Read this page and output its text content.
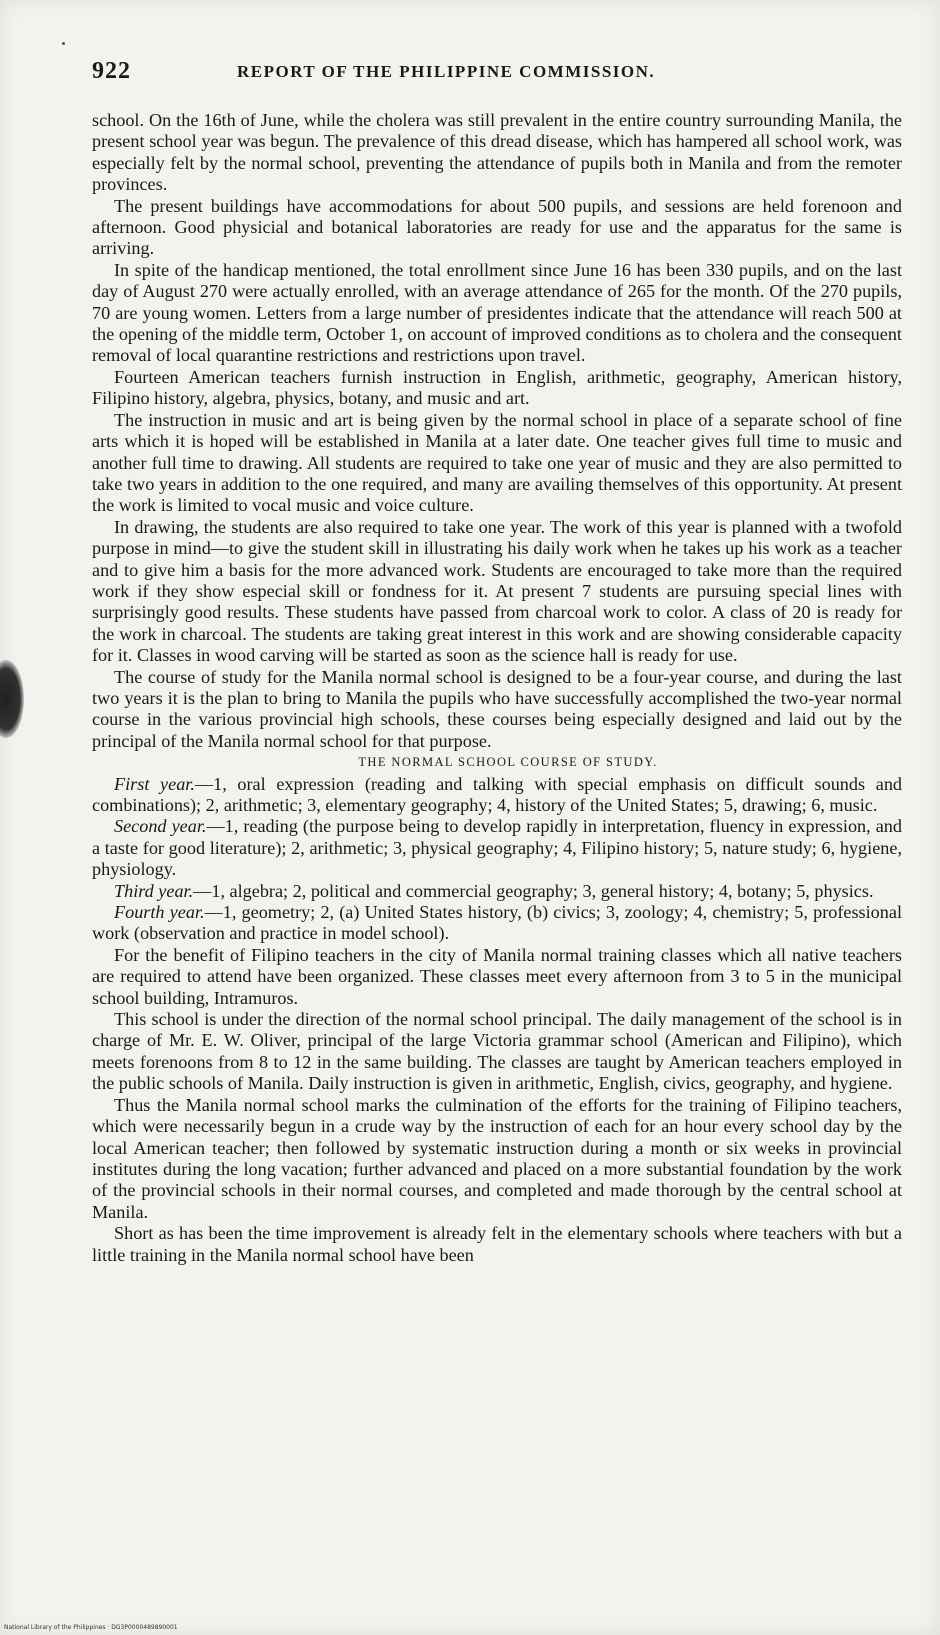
922	REPORT OF THE PHILIPPINE COMMISSION.

school. On the 16th of June, while the cholera was still prevalent in the entire country surrounding Manila, the present school year was begun. The prevalence of this dread disease, which has hampered all school work, was especially felt by the normal school, preventing the attendance of pupils both in Manila and from the remoter provinces.

The present buildings have accommodations for about 500 pupils, and sessions are held forenoon and afternoon. Good physicial and botanical laboratories are ready for use and the apparatus for the same is arriving.

In spite of the handicap mentioned, the total enrollment since June 16 has been 330 pupils, and on the last day of August 270 were actually enrolled, with an average attendance of 265 for the month. Of the 270 pupils, 70 are young women. Letters from a large number of presidentes indicate that the attendance will reach 500 at the opening of the middle term, October 1, on account of improved conditions as to cholera and the consequent removal of local quarantine restrictions and restrictions upon travel.

Fourteen American teachers furnish instruction in English, arithmetic, geography, American history, Filipino history, algebra, physics, botany, and music and art.

The instruction in music and art is being given by the normal school in place of a separate school of fine arts which it is hoped will be established in Manila at a later date. One teacher gives full time to music and another full time to drawing. All students are required to take one year of music and they are also permitted to take two years in addition to the one required, and many are availing themselves of this opportunity. At present the work is limited to vocal music and voice culture.

In drawing, the students are also required to take one year. The work of this year is planned with a twofold purpose in mind—to give the student skill in illustrating his daily work when he takes up his work as a teacher and to give him a basis for the more advanced work. Students are encouraged to take more than the required work if they show especial skill or fondness for it. At present 7 students are pursuing special lines with surprisingly good results. These students have passed from charcoal work to color. A class of 20 is ready for the work in charcoal. The students are taking great interest in this work and are showing considerable capacity for it. Classes in wood carving will be started as soon as the science hall is ready for use.

The course of study for the Manila normal school is designed to be a four-year course, and during the last two years it is the plan to bring to Manila the pupils who have successfully accomplished the two-year normal course in the various provincial high schools, these courses being especially designed and laid out by the principal of the Manila normal school for that purpose.

THE NORMAL SCHOOL COURSE OF STUDY.

First year.—1, oral expression (reading and talking with special emphasis on difficult sounds and combinations); 2, arithmetic; 3, elementary geography; 4, history of the United States; 5, drawing; 6, music.

Second year.—1, reading (the purpose being to develop rapidly in interpretation, fluency in expression, and a taste for good literature); 2, arithmetic; 3, physical geography; 4, Filipino history; 5, nature study; 6, hygiene, physiology.

Third year.—1, algebra; 2, political and commercial geography; 3, general history; 4, botany; 5, physics.

Fourth year.—1, geometry; 2, (a) United States history, (b) civics; 3, zoology; 4, chemistry; 5, professional work (observation and practice in model school).

For the benefit of Filipino teachers in the city of Manila normal training classes which all native teachers are required to attend have been organized. These classes meet every afternoon from 3 to 5 in the municipal school building, Intramuros.

This school is under the direction of the normal school principal. The daily management of the school is in charge of Mr. E. W. Oliver, principal of the large Victoria grammar school (American and Filipino), which meets forenoons from 8 to 12 in the same building. The classes are taught by American teachers employed in the public schools of Manila. Daily instruction is given in arithmetic, English, civics, geography, and hygiene.

Thus the Manila normal school marks the culmination of the efforts for the training of Filipino teachers, which were necessarily begun in a crude way by the instruction of each for an hour every school day by the local American teacher; then followed by systematic instruction during a month or six weeks in provincial institutes during the long vacation; further advanced and placed on a more substantial foundation by the work of the provincial schools in their normal courses, and completed and made thorough by the central school at Manila.

Short as has been the time improvement is already felt in the elementary schools where teachers with but a little training in the Manila normal school have been

National Library of the Philippines · DG3P0000489890001
